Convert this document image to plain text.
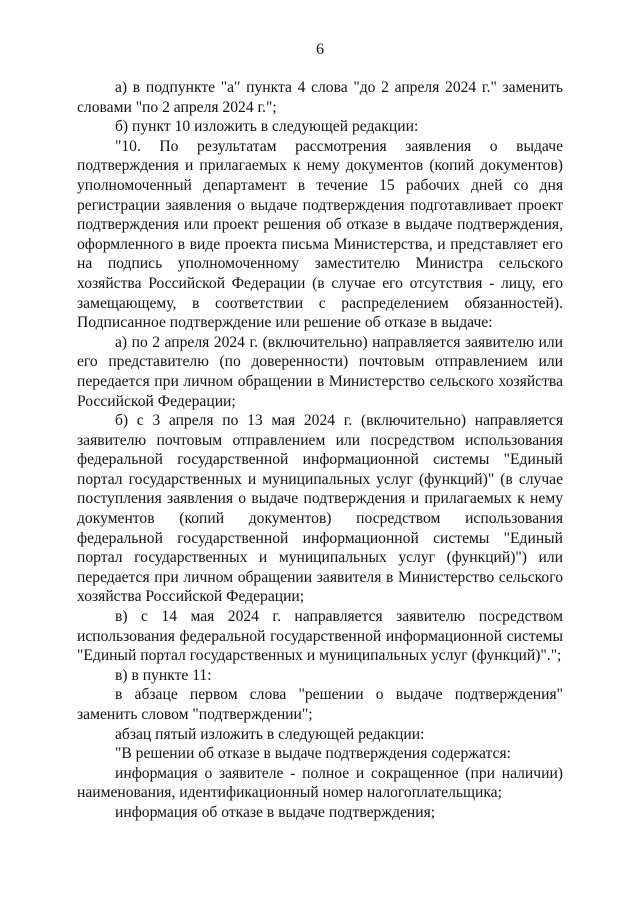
6

а) в подпункте "а" пункта 4 слова "до 2 апреля 2024 г." заменить словами "по 2 апреля 2024 г.";

б) пункт 10 изложить в следующей редакции:

"10. По результатам рассмотрения заявления о выдаче подтверждения и прилагаемых к нему документов (копий документов) уполномоченный департамент в течение 15 рабочих дней со дня регистрации заявления о выдаче подтверждения подготавливает проект подтверждения или проект решения об отказе в выдаче подтверждения, оформленного в виде проекта письма Министерства, и представляет его на подпись уполномоченному заместителю Министра сельского хозяйства Российской Федерации (в случае его отсутствия - лицу, его замещающему, в соответствии с распределением обязанностей). Подписанное подтверждение или решение об отказе в выдаче:

а) по 2 апреля 2024 г. (включительно) направляется заявителю или его представителю (по доверенности) почтовым отправлением или передается при личном обращении в Министерство сельского хозяйства Российской Федерации;

б) с 3 апреля по 13 мая 2024 г. (включительно) направляется заявителю почтовым отправлением или посредством использования федеральной государственной информационной системы "Единый портал государственных и муниципальных услуг (функций)" (в случае поступления заявления о выдаче подтверждения и прилагаемых к нему документов (копий документов) посредством использования федеральной государственной информационной системы "Единый портал государственных и муниципальных услуг (функций)") или передается при личном обращении заявителя в Министерство сельского хозяйства Российской Федерации;

в) с 14 мая 2024 г. направляется заявителю посредством использования федеральной государственной информационной системы "Единый портал государственных и муниципальных услуг (функций)".";

в) в пункте 11:

в абзаце первом слова "решении о выдаче подтверждения" заменить словом "подтверждении";

абзац пятый изложить в следующей редакции:

"В решении об отказе в выдаче подтверждения содержатся:

информация о заявителе - полное и сокращенное (при наличии) наименования, идентификационный номер налогоплательщика;

информация об отказе в выдаче подтверждения;
